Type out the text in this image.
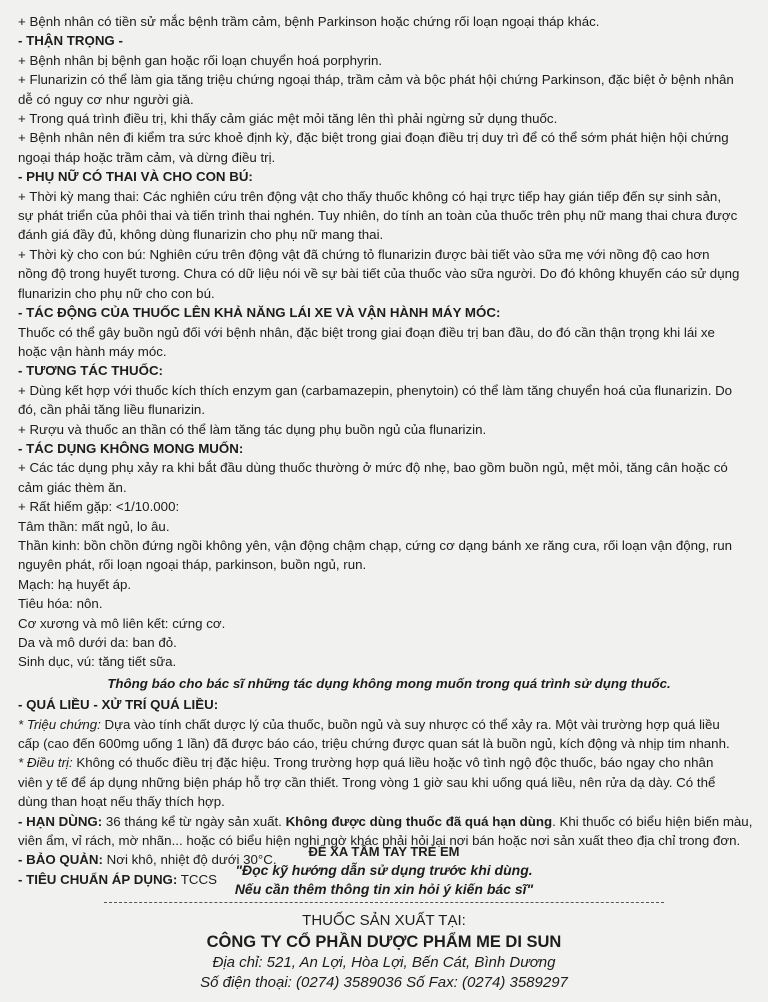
+ Bệnh nhân có tiền sử mắc bệnh trầm cảm, bệnh Parkinson hoặc chứng rối loạn ngoại tháp khác.

- THẬN TRỌNG -

+ Bệnh nhân bị bệnh gan hoặc rối loạn chuyển hoá porphyrin.

+ Flunarizin có thể làm gia tăng triệu chứng ngoại tháp, trầm cảm và bộc phát hội chứng Parkinson, đặc biệt ở bệnh nhân

dễ có nguy cơ như người già.

+ Trong quá trình điều trị, khi thấy cảm giác mệt mỏi tăng lên thì phải ngừng sử dụng thuốc.

+ Bệnh nhân nên đi kiểm tra sức khoẻ định kỳ, đặc biệt trong giai đoạn điều trị duy trì để có thể sớm phát hiện hội chứng

ngoại tháp hoặc trầm cảm, và dừng điều trị.

- PHỤ NỮ CÓ THAI VÀ CHO CON BÚ:

+ Thời kỳ mang thai: Các nghiên cứu trên động vật cho thấy thuốc không có hại trực tiếp hay gián tiếp đến sự sinh sản,

sự phát triển của phôi thai và tiến trình thai nghén. Tuy nhiên, do tính an toàn của thuốc trên phụ nữ mang thai chưa được

đánh giá đầy đủ, không dùng flunarizin cho phụ nữ mang thai.

+ Thời kỳ cho con bú: Nghiên cứu trên động vật đã chứng tỏ flunarizin được bài tiết vào sữa mẹ với nồng độ cao hơn

nồng độ trong huyết tương. Chưa có dữ liệu nói về sự bài tiết của thuốc vào sữa người. Do đó không khuyến cáo sử dụng

flunarizin cho phụ nữ cho con bú.

- TÁC ĐỘNG CỦA THUỐC LÊN KHẢ NĂNG LÁI XE VÀ VẬN HÀNH MÁY MÓC:

Thuốc có thể gây buồn ngủ đối với bệnh nhân, đặc biệt trong giai đoạn điều trị ban đầu, do đó cần thận trọng khi lái xe

hoặc vận hành máy móc.

- TƯƠNG TÁC THUỐC:

+ Dùng kết hợp với thuốc kích thích enzym gan (carbamazepin, phenytoin) có thể làm tăng chuyển hoá của flunarizin. Do

đó, cần phải tăng liều flunarizin.

+ Rượu và thuốc an thần có thể làm tăng tác dụng phụ buồn ngủ của flunarizin.

- TÁC DỤNG KHÔNG MONG MUỐN:

+ Các tác dụng phụ xảy ra khi bắt đầu dùng thuốc thường ở mức độ nhẹ, bao gồm buồn ngủ, mệt mỏi, tăng cân hoặc có

cảm giác thèm ăn.

+ Rất hiếm gặp: <1/10.000:

Tâm thần: mất ngủ, lo âu.

Thần kinh: bồn chồn đứng ngồi không yên, vận động chậm chạp, cứng cơ dạng bánh xe răng cưa, rối loạn vận động, run

nguyên phát, rối loạn ngoại tháp, parkinson, buồn ngủ, run.

Mạch: hạ huyết áp.

Tiêu hóa: nôn.

Cơ xương và mô liên kết: cứng cơ.

Da và mô dưới da: ban đỏ.

Sinh dục, vú: tăng tiết sữa.

Thông báo cho bác sĩ những tác dụng không mong muốn trong quá trình sử dụng thuốc.

- QUÁ LIỀU - XỬ TRÍ QUÁ LIỀU:

* Triệu chứng: Dựa vào tính chất dược lý của thuốc, buồn ngủ và suy nhược có thể xảy ra. Một vài trường hợp quá liều

cấp (cao đến 600mg uống 1 lần) đã được báo cáo, triệu chứng được quan sát là buồn ngủ, kích động và nhịp tim nhanh.

* Điều trị: Không có thuốc điều trị đặc hiệu. Trong trường hợp quá liều hoặc vô tình ngộ độc thuốc, báo ngay cho nhân

viên y tế để áp dụng những biện pháp hỗ trợ cần thiết. Trong vòng 1 giờ sau khi uống quá liều, nên rửa dạ dày. Có thể

dùng than hoạt nếu thấy thích hợp.

- HẠN DÙNG: 36 tháng kể từ ngày sản xuất. Không được dùng thuốc đã quá hạn dùng. Khi thuốc có biểu hiện biến màu,

viên ẩm, vỉ rách, mờ nhãn... hoặc có biểu hiện nghi ngờ khác phải hỏi lại nơi bán hoặc nơi sản xuất theo địa chỉ trong đơn.

- BẢO QUẢN: Nơi khô, nhiệt độ dưới 30°C.

- TIÊU CHUẨN ÁP DỤNG: TCCS

ĐỂ XA TẦM TAY TRẺ EM
"Đọc kỹ hướng dẫn sử dụng trước khi dùng.
Nếu cần thêm thông tin xin hỏi ý kiến bác sĩ"
THUỐC SẢN XUẤT TẠI:
CÔNG TY CỔ PHẦN DƯỢC PHẨM ME DI SUN
Địa chỉ: 521, An Lợi, Hòa Lợi, Bến Cát, Bình Dương
Số điện thoại: (0274) 3589036 Số Fax: (0274) 3589297
